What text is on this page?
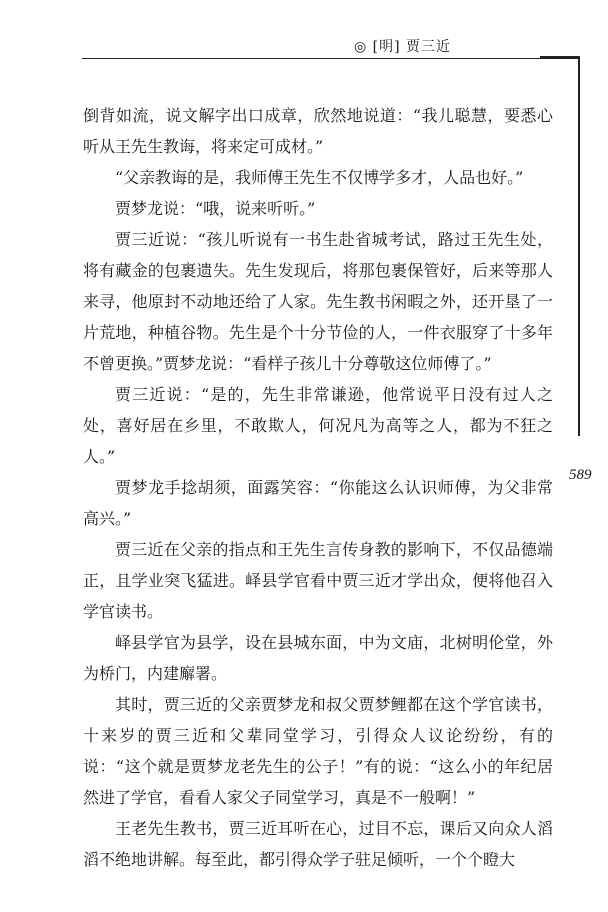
◎ [明] 贾三近
589

倒背如流，说文解字出口成章，欣然地说道：“我儿聪慧，要悉心听从王先生教诲，将来定可成材。”

“父亲教诲的是，我师傅王先生不仅博学多才，人品也好。”

贾梦龙说：“哦，说来听听。”

贾三近说：“孩儿听说有一书生赴省城考试，路过王先生处，将有藏金的包裹遗失。先生发现后，将那包裹保管好，后来等那人来寻，他原封不动地还给了人家。先生教书闲暇之外，还开垦了一片荒地，种植谷物。先生是个十分节俭的人，一件衣服穿了十多年不曾更换。”贾梦龙说：“看样子孩儿十分尊敬这位师傅了。”

贾三近说：“是的，先生非常谦逊，他常说平日没有过人之处，喜好居在乡里，不敢欺人，何况凡为高等之人，都为不狂之人。”

贾梦龙手捻胡须，面露笑容：“你能这么认识师傅，为父非常高兴。”

贾三近在父亲的指点和王先生言传身教的影响下，不仅品德端正，且学业突飞猛进。峄县学官看中贾三近才学出众，便将他召入学官读书。

峄县学官为县学，设在县城东面，中为文庙，北树明伦堂，外为桥门，内建廨署。

其时，贾三近的父亲贾梦龙和叔父贾梦鲤都在这个学官读书，十来岁的贾三近和父辈同堂学习，引得众人议论纷纷，有的说：“这个就是贾梦龙老先生的公子！”有的说：“这么小的年纪居然进了学官，看看人家父子同堂学习，真是不一般啊！”

王老先生教书，贾三近耳听在心，过目不忘，课后又向众人滔滔不绝地讲解。每至此，都引得众学子驻足倾听，一个个瞪大
